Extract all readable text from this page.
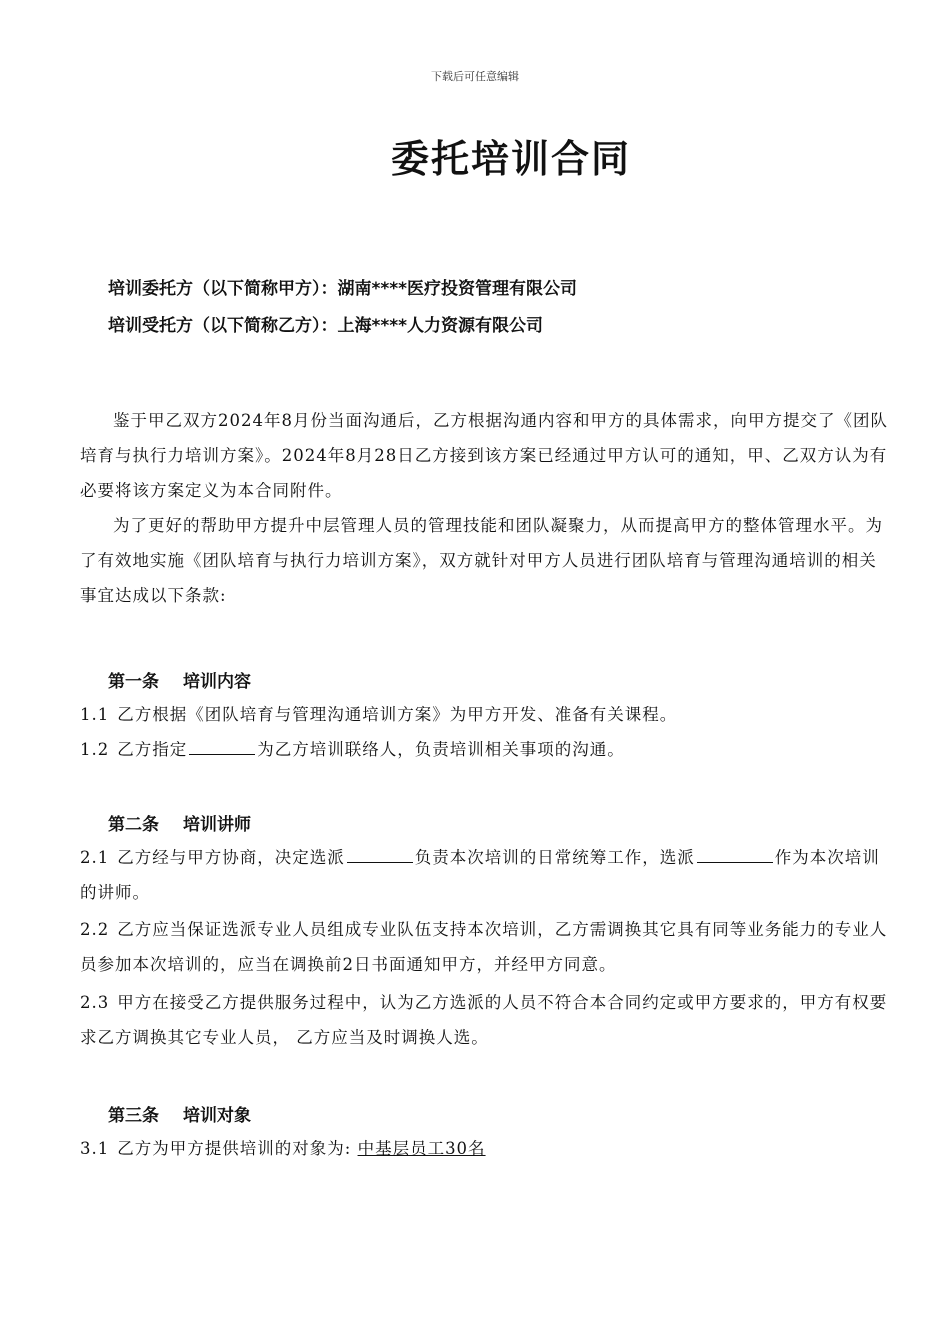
下载后可任意编辑
委托培训合同
培训委托方（以下简称甲方）：湖南****医疗投资管理有限公司
培训受托方（以下简称乙方）：上海****人力资源有限公司

鉴于甲乙双方2024年8月份当面沟通后，乙方根据沟通内容和甲方的具体需求，向甲方提交了《团队培育与执行力培训方案》。2024年8月28日乙方接到该方案已经通过甲方认可的通知，甲、乙双方认为有必要将该方案定义为本合同附件。

为了更好的帮助甲方提升中层管理人员的管理技能和团队凝聚力，从而提高甲方的整体管理水平。为了有效地实施《团队培育与执行力培训方案》，双方就针对甲方人员进行团队培育与管理沟通培训的相关事宜达成以下条款:

第一条 培训内容

1.1 乙方根据《团队培育与管理沟通培训方案》为甲方开发、准备有关课程。

1.2 乙方指定	为乙方培训联络人，负责培训相关事项的沟通。

第二条 培训讲师

2.1 乙方经与甲方协商，决定选派	负责本次培训的日常统筹工作，选派	作为本次培训的讲师。

2.2 乙方应当保证选派专业人员组成专业队伍支持本次培训，乙方需调换其它具有同等业务能力的专业人员参加本次培训的，应当在调换前2日书面通知甲方，并经甲方同意。

2.3 甲方在接受乙方提供服务过程中，认为乙方选派的人员不符合本合同约定或甲方要求的，甲方有权要求乙方调换其它专业人员， 乙方应当及时调换人选。

第三条 培训对象

3.1 乙方为甲方提供培训的对象为: 中基层员工30名
